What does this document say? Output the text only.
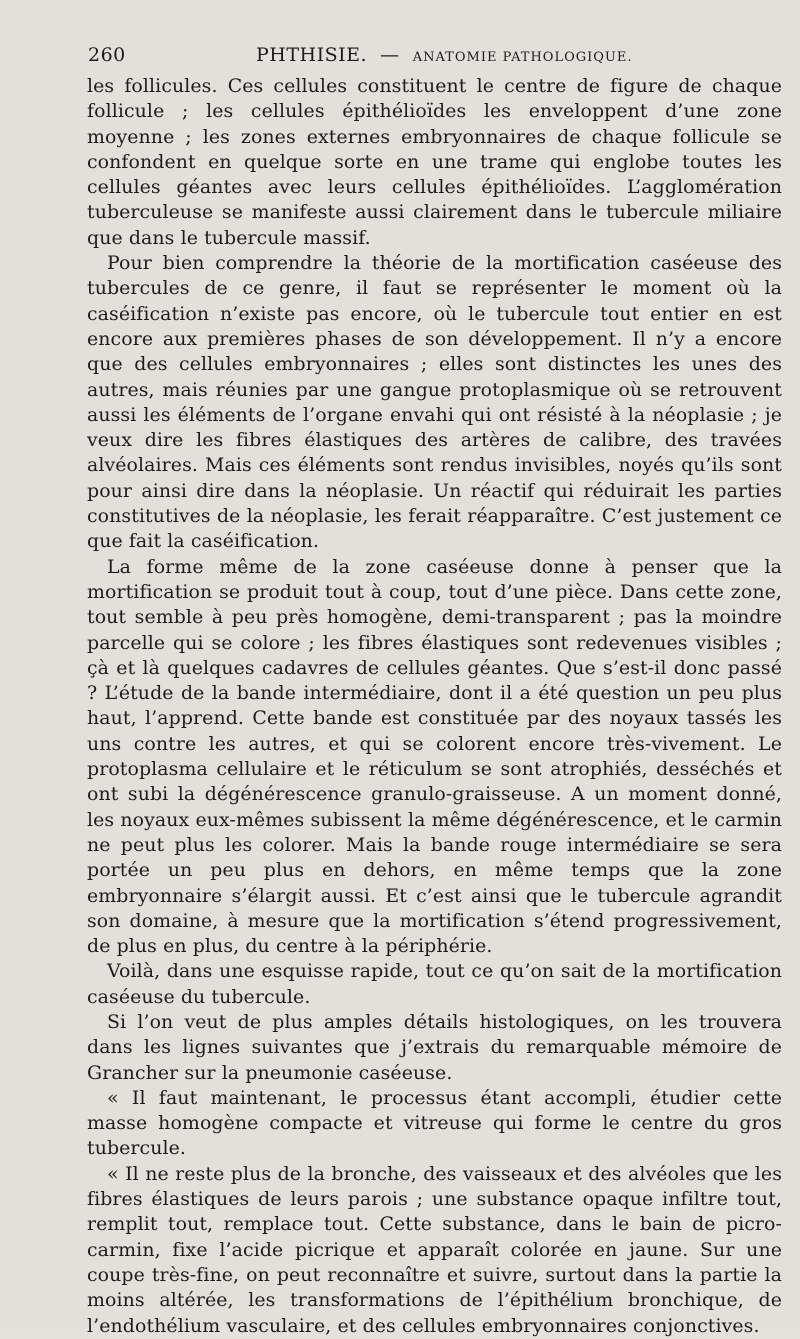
260	PHTHISIE. — ANATOMIE PATHOLOGIQUE.

les follicules. Ces cellules constituent le centre de figure de chaque follicule ; les cellules épithélioïdes les enveloppent d’une zone moyenne ; les zones externes embryonnaires de chaque follicule se confondent en quelque sorte en une trame qui englobe toutes les cellules géantes avec leurs cellules épithélioïdes. L’agglomération tuberculeuse se manifeste aussi clairement dans le tubercule miliaire que dans le tubercule massif.

Pour bien comprendre la théorie de la mortification caséeuse des tubercules de ce genre, il faut se représenter le moment où la caséification n’existe pas encore, où le tubercule tout entier en est encore aux premières phases de son développement. Il n’y a encore que des cellules embryonnaires ; elles sont distinctes les unes des autres, mais réunies par une gangue protoplasmique où se retrouvent aussi les éléments de l’organe envahi qui ont résisté à la néoplasie ; je veux dire les fibres élastiques des artères de calibre, des travées alvéolaires. Mais ces éléments sont rendus invisibles, noyés qu’ils sont pour ainsi dire dans la néoplasie. Un réactif qui réduirait les parties constitutives de la néoplasie, les ferait réapparaître. C’est justement ce que fait la caséification.

La forme même de la zone caséeuse donne à penser que la mortification se produit tout à coup, tout d’une pièce. Dans cette zone, tout semble à peu près homogène, demi-transparent ; pas la moindre parcelle qui se colore ; les fibres élastiques sont redevenues visibles ; çà et là quelques cadavres de cellules géantes. Que s’est-il donc passé ? L’étude de la bande intermédiaire, dont il a été question un peu plus haut, l’apprend. Cette bande est constituée par des noyaux tassés les uns contre les autres, et qui se colorent encore très-vivement. Le protoplasma cellulaire et le réticulum se sont atrophiés, desséchés et ont subi la dégénérescence granulo-graisseuse. A un moment donné, les noyaux eux-mêmes subissent la même dégénérescence, et le carmin ne peut plus les colorer. Mais la bande rouge intermédiaire se sera portée un peu plus en dehors, en même temps que la zone embryonnaire s’élargit aussi. Et c’est ainsi que le tubercule agrandit son domaine, à mesure que la mortification s’étend progressivement, de plus en plus, du centre à la périphérie.

Voilà, dans une esquisse rapide, tout ce qu’on sait de la mortification caséeuse du tubercule.

Si l’on veut de plus amples détails histologiques, on les trouvera dans les lignes suivantes que j’extrais du remarquable mémoire de Grancher sur la pneumonie caséeuse.

« Il faut maintenant, le processus étant accompli, étudier cette masse homogène compacte et vitreuse qui forme le centre du gros tubercule.

« Il ne reste plus de la bronche, des vaisseaux et des alvéoles que les fibres élastiques de leurs parois ; une substance opaque infiltre tout, remplit tout, remplace tout. Cette substance, dans le bain de picro-carmin, fixe l’acide picrique et apparaît colorée en jaune. Sur une coupe très-fine, on peut reconnaître et suivre, surtout dans la partie la moins altérée, les transformations de l’épithélium bronchique, de l’endothélium vasculaire, et des cellules embryonnaires conjonctives.
